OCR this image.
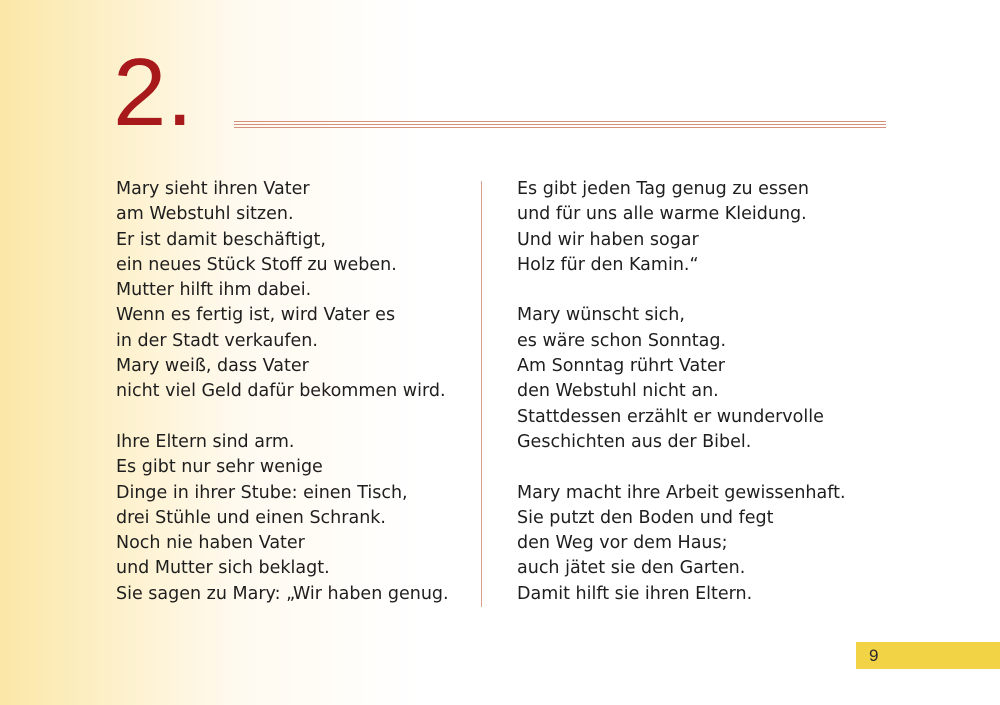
2.

Mary sieht ihren Vater
am Webstuhl sitzen.
Er ist damit beschäftigt,
ein neues Stück Stoff zu weben.
Mutter hilft ihm dabei.
Wenn es fertig ist, wird Vater es
in der Stadt verkaufen.
Mary weiß, dass Vater
nicht viel Geld dafür bekommen wird.

Ihre Eltern sind arm.
Es gibt nur sehr wenige
Dinge in ihrer Stube: einen Tisch,
drei Stühle und einen Schrank.
Noch nie haben Vater
und Mutter sich beklagt.
Sie sagen zu Mary: „Wir haben genug.

Es gibt jeden Tag genug zu essen
und für uns alle warme Kleidung.
Und wir haben sogar
Holz für den Kamin.“

Mary wünscht sich,
es wäre schon Sonntag.
Am Sonntag rührt Vater
den Webstuhl nicht an.
Stattdessen erzählt er wundervolle
Geschichten aus der Bibel.

Mary macht ihre Arbeit gewissenhaft.
Sie putzt den Boden und fegt
den Weg vor dem Haus;
auch jätet sie den Garten.
Damit hilft sie ihren Eltern.

9
